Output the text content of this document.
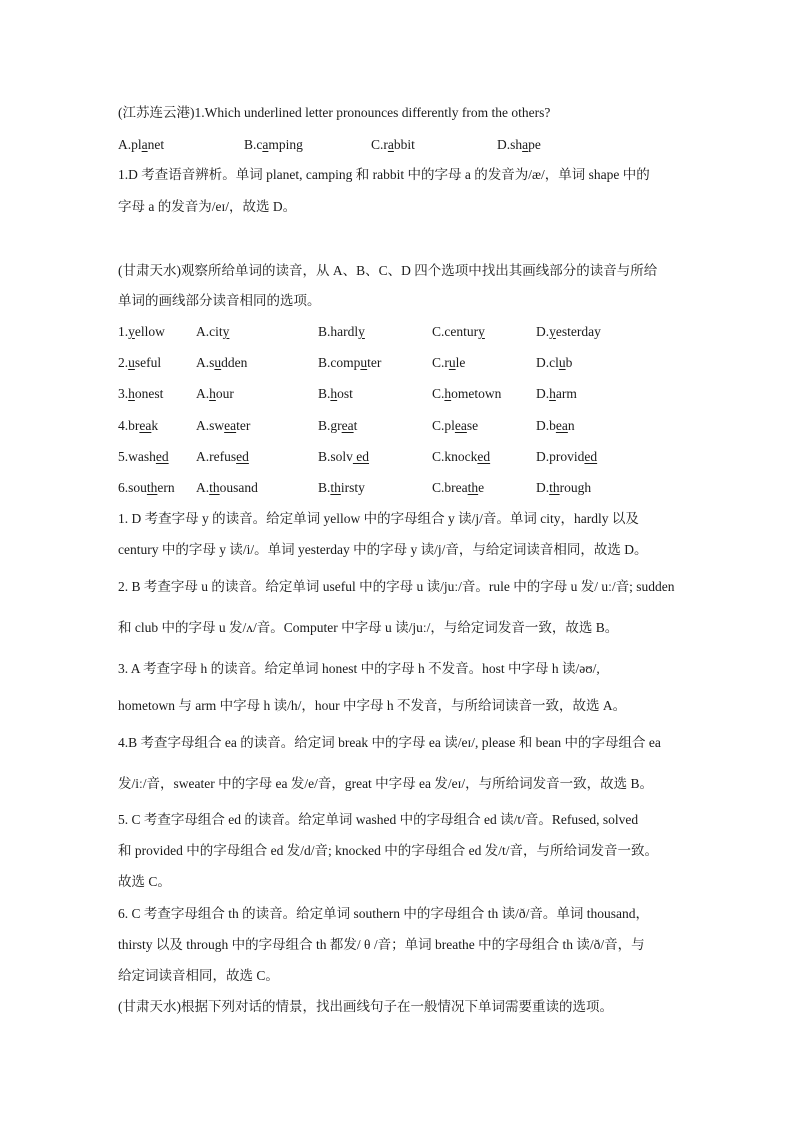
(江苏连云港)1.Which underlined letter pronounces differently from the others?
A.planet	B.camping	C.rabbit	D.shape
1.D 考查语音辨析。单词 planet, camping 和 rabbit 中的字母 a 的发音为/æ/，单词 shape 中的
字母 a 的发音为/eɪ/，故选 D。
(甘肃天水)观察所给单词的读音，从 A、B、C、D 四个选项中找出其画线部分的读音与所给
单词的画线部分读音相同的选项。
1.yellow A.city	B.hardly	C.century	D.yesterday
2.useful	A.sudden	B.computer	C.rule	D.club
3.honest A.hour	B.host	C.hometown	D.harm
4.break	A.sweater	B.great	C.please	D.bean
5.washed A.refused	B.solv ed	C.knocked	D.provided
6.southern A.thousand	B.thirsty	C.breathe	D.through
1. D 考查字母 y 的读音。给定单词 yellow 中的字母组合 y 读/j/音。单词 city，hardly 以及
century 中的字母 y 读/i/。单词 yesterday 中的字母 y 读/j/音，与给定词读音相同，故选 D。
2. B 考查字母 u 的读音。给定单词 useful 中的字母 u 读/juː/音。rule 中的字母 u 发/ uː/音; sudden
和 club 中的字母 u 发/ʌ/音。Computer 中字母 u 读/juː/，与给定词发音一致，故选 B。
3. A 考查字母 h 的读音。给定单词 honest 中的字母 h 不发音。host 中字母 h 读/əʊ/,
hometown 与 arm 中字母 h 读/h/，hour 中字母 h 不发音，与所给词读音一致，故选 A。
4.B 考查字母组合 ea 的读音。给定词 break 中的字母 ea 读/eɪ/, please 和 bean 中的字母组合 ea
发/iː/音，sweater 中的字母 ea 发/e/音，great 中字母 ea 发/eɪ/，与所给词发音一致，故选 B。
5. C 考查字母组合 ed 的读音。给定单词 washed 中的字母组合 ed 读/t/音。Refused, solved
和 provided 中的字母组合 ed 发/d/音; knocked 中的字母组合 ed 发/t/音，与所给词发音一致。
故选 C。
6. C 考查字母组合 th 的读音。给定单词 southern 中的字母组合 th 读/ð/音。单词 thousand，
thirsty 以及 through 中的字母组合 th 都发/ θ /音；单词 breathe 中的字母组合 th 读/ð/音，与
给定词读音相同，故选 C。
(甘肃天水)根据下列对话的情景，找出画线句子在一般情况下单词需要重读的选项。
